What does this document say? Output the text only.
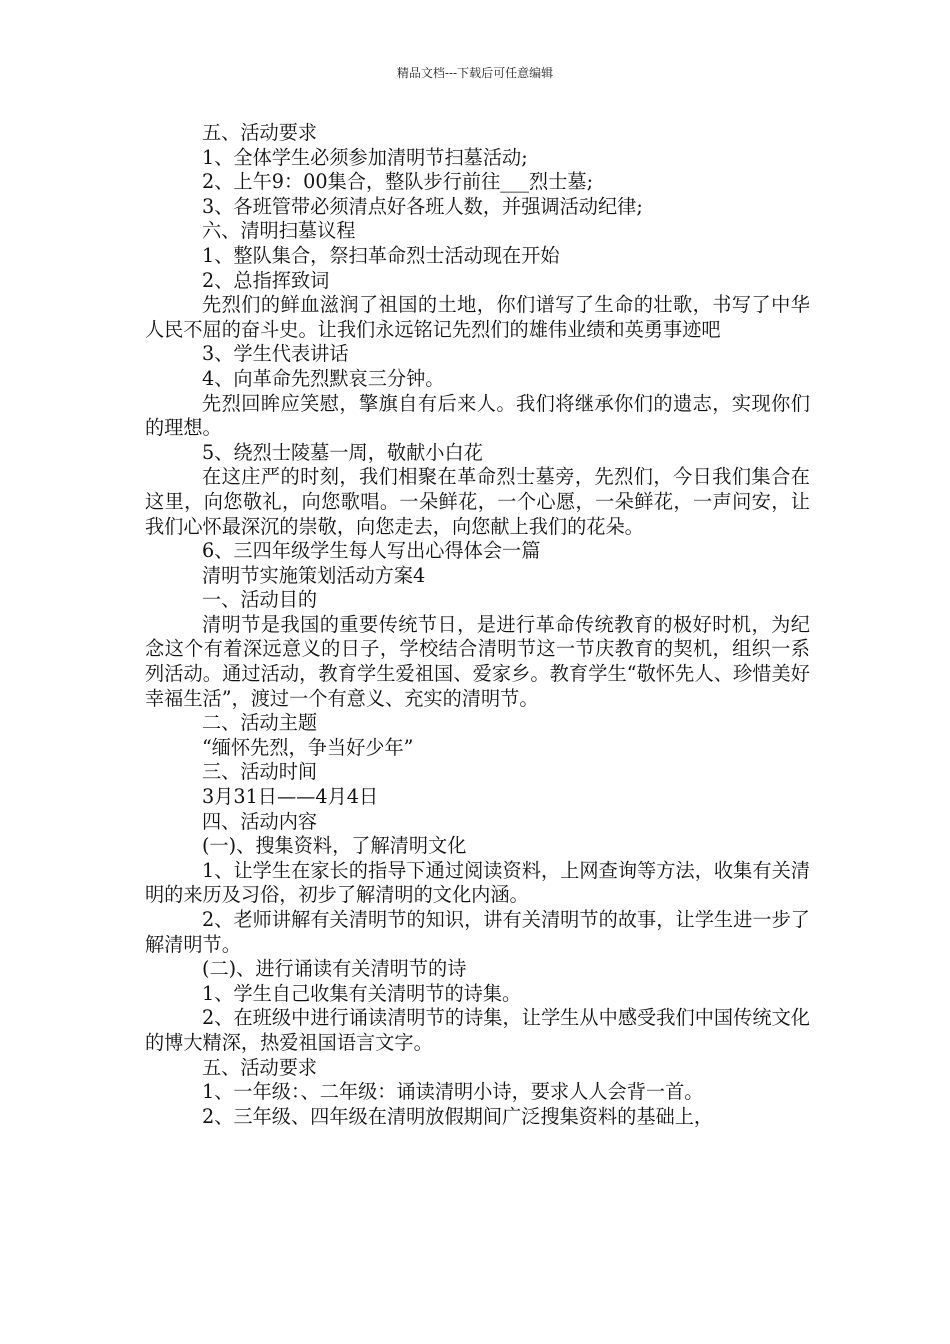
精品文档---下载后可任意编辑

五、活动要求

1、全体学生必须参加清明节扫墓活动;

2、上午9：00集合，整队步行前往___烈士墓;

3、各班管带必须清点好各班人数，并强调活动纪律;

六、清明扫墓议程

1、整队集合，祭扫革命烈士活动现在开始

2、总指挥致词

先烈们的鲜血滋润了祖国的土地，你们谱写了生命的壮歌，书写了中华人民不屈的奋斗史。让我们永远铭记先烈们的雄伟业绩和英勇事迹吧

3、学生代表讲话

4、向革命先烈默哀三分钟。

先烈回眸应笑慰，擎旗自有后来人。我们将继承你们的遗志，实现你们的理想。

5、绕烈士陵墓一周，敬献小白花

在这庄严的时刻，我们相聚在革命烈士墓旁，先烈们，今日我们集合在这里，向您敬礼，向您歌唱。一朵鲜花，一个心愿，一朵鲜花，一声问安，让我们心怀最深沉的崇敬，向您走去，向您献上我们的花朵。

6、三四年级学生每人写出心得体会一篇

清明节实施策划活动方案4

一、活动目的

清明节是我国的重要传统节日，是进行革命传统教育的极好时机，为纪念这个有着深远意义的日子，学校结合清明节这一节庆教育的契机，组织一系列活动。通过活动，教育学生爱祖国、爱家乡。教育学生“敬怀先人、珍惜美好幸福生活”，渡过一个有意义、充实的清明节。

二、活动主题

“缅怀先烈，争当好少年”

三、活动时间

3月31日——4月4日

四、活动内容

(一)、搜集资料，了解清明文化

1、让学生在家长的指导下通过阅读资料，上网查询等方法，收集有关清明的来历及习俗，初步了解清明的文化内涵。

2、老师讲解有关清明节的知识，讲有关清明节的故事，让学生进一步了解清明节。

(二)、进行诵读有关清明节的诗

1、学生自己收集有关清明节的诗集。

2、在班级中进行诵读清明节的诗集，让学生从中感受我们中国传统文化的博大精深，热爱祖国语言文字。

五、活动要求

1、一年级：、二年级：诵读清明小诗，要求人人会背一首。

2、三年级、四年级在清明放假期间广泛搜集资料的基础上，
